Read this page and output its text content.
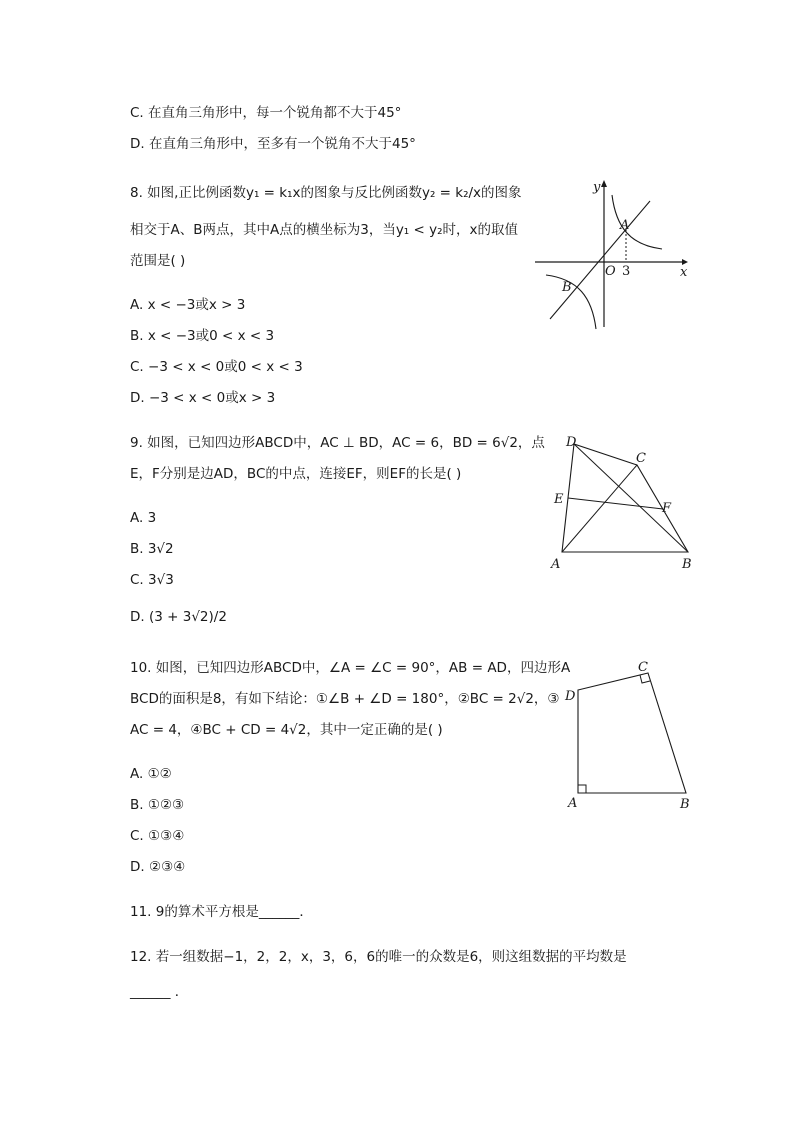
C. 在直角三角形中，每一个锐角都不大于45°
D. 在直角三角形中，至多有一个锐角不大于45°
8. 如图,正比例函数y₁ = k₁x的图象与反比例函数y₂ = k₂/x的图象
相交于A、B两点，其中A点的横坐标为3，当y₁ < y₂时，x的取值
范围是( )
A. x < −3或x > 3
B. x < −3或0 < x < 3
C. −3 < x < 0或0 < x < 3
D. −3 < x < 0或x > 3
y
x
O 3
A
B
9. 如图，已知四边形ABCD中，AC ⊥ BD，AC = 6，BD = 6√2，点
E，F分别是边AD，BC的中点，连接EF，则EF的长是( )
A. 3
B. 3√2
C. 3√3
D. (3 + 3√2)/2
A	B
C
D
E
F
10. 如图，已知四边形ABCD中，∠A = ∠C = 90°，AB = AD，四边形A
BCD的面积是8，有如下结论：①∠B + ∠D = 180°，②BC = 2√2，③
AC = 4，④BC + CD = 4√2，其中一定正确的是( )
A. ①②
B. ①②③
C. ①③④
D. ②③④
A	B
C
D
11. 9的算术平方根是______．
12. 若一组数据−1，2，2，x，3，6，6的唯一的众数是6，则这组数据的平均数是
______ ．
